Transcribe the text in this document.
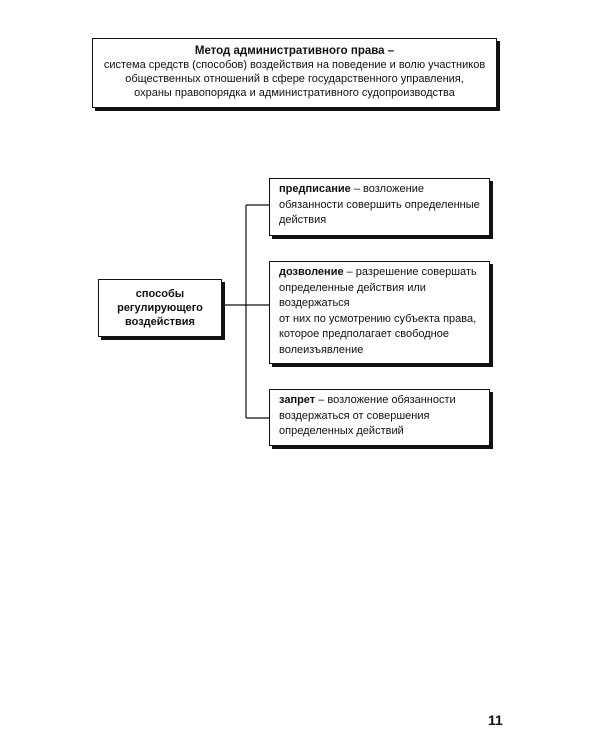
Метод административного права –
система средств (способов) воздействия на поведение и волю участников
общественных отношений в сфере государственного управления,
охраны правопорядка и административного судопроизводства
способы
регулирующего
воздействия
предписание – возложение
обязанности совершить определенные
действия
дозволение – разрешение совершать
определенные действия или воздержаться
от них по усмотрению субъекта права,
которое предполагает свободное
волеизъявление
запрет – возложение обязанности
воздержаться от совершения
определенных действий
11
